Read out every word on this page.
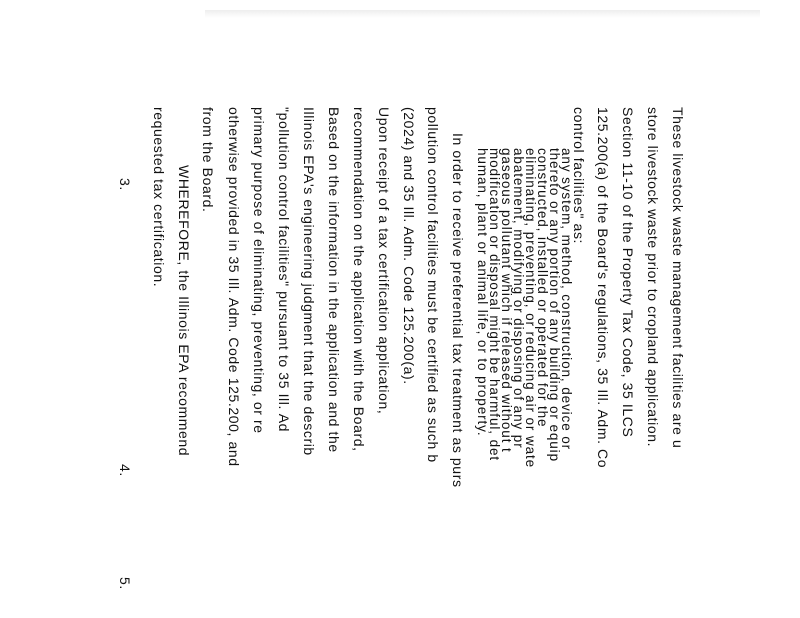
These livestock waste management facilities are u
store livestock waste prior to cropland application.
Section 11-10 of the Property Tax Code, 35 ILCS
125.200(a) of the Board's regulations, 35 Ill. Adm. Co
control facilities" as:
any system, method, construction, device or
thereto or any portion of any building or equip
constructed, installed or operated for the
eliminating, preventing, or reducing air or wate
abatement, modifying or disposing of any pr
gaseous pollutant which if released without t
modification or disposal might be harmful, det
human, plant or animal life, or to property.
In order to receive preferential tax treatment as purs
pollution control facilities must be certified as such b
(2024) and 35 Ill. Adm. Code 125.200(a).
Upon receipt of a tax certification application,
recommendation on the application with the Board,
Based on the information in the application and the
Illinois EPA's engineering judgment that the describ
"pollution control facilities" pursuant to 35 Ill. Ad
primary purpose of eliminating, preventing, or re
otherwise provided in 35 Ill. Adm. Code 125.200, and
from the Board.
WHEREFORE, the Illinois EPA recommend
requested tax certification.
3.
4.
5.
